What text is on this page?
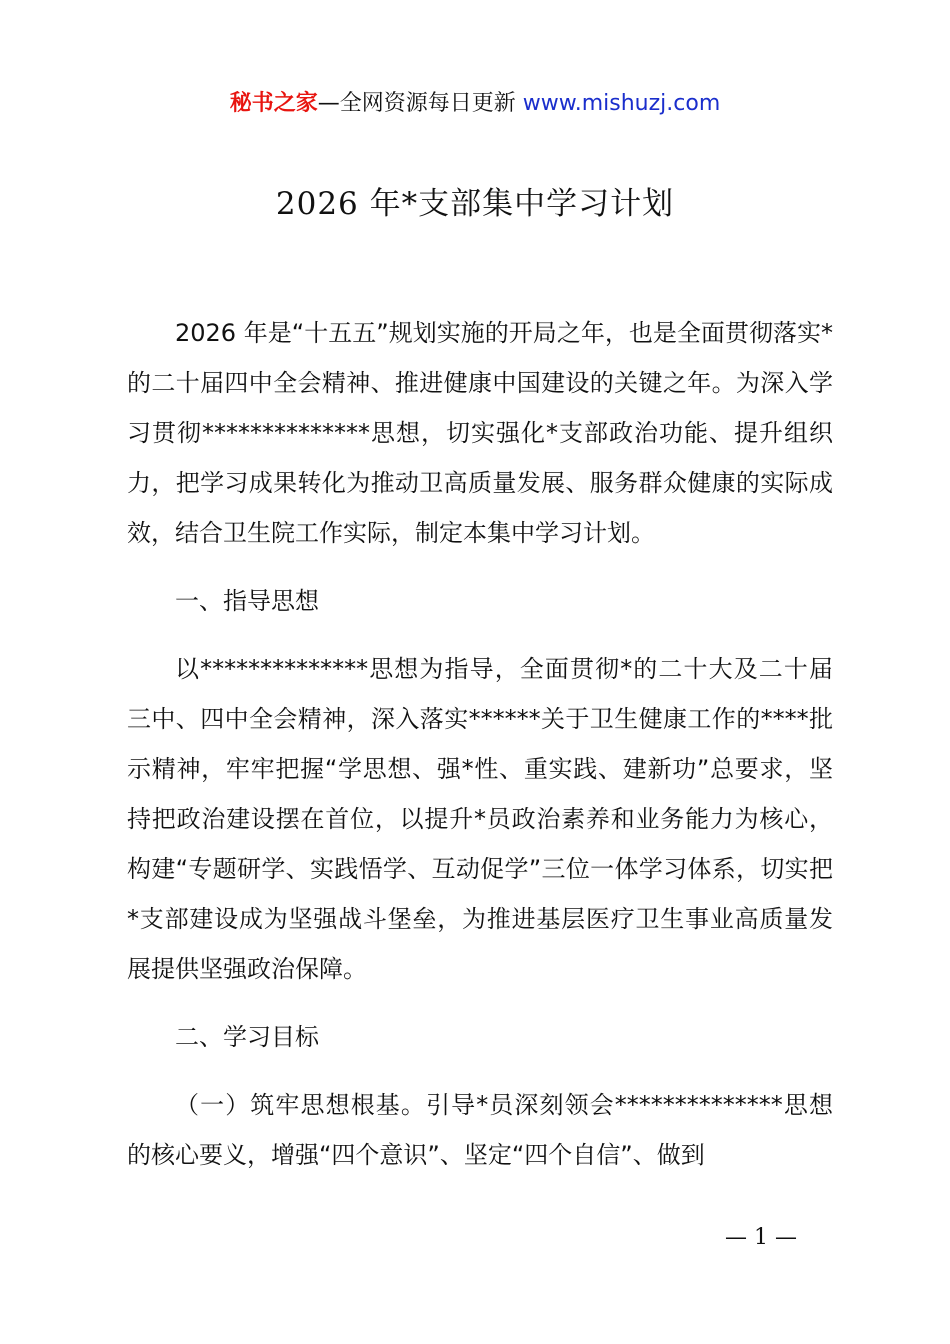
秘书之家—全网资源每日更新 www.mishuzj.com
2026 年*支部集中学习计划

2026 年是“十五五”规划实施的开局之年，也是全面贯彻落实*的二十届四中全会精神、推进健康中国建设的关键之年。为深入学习贯彻**************思想，切实强化*支部政治功能、提升组织力，把学习成果转化为推动卫高质量发展、服务群众健康的实际成效，结合卫生院工作实际，制定本集中学习计划。

一、指导思想

以**************思想为指导，全面贯彻*的二十大及二十届三中、四中全会精神，深入落实******关于卫生健康工作的****批示精神，牢牢把握“学思想、强*性、重实践、建新功”总要求，坚持把政治建设摆在首位，以提升*员政治素养和业务能力为核心，构建“专题研学、实践悟学、互动促学”三位一体学习体系，切实把*支部建设成为坚强战斗堡垒，为推进基层医疗卫生事业高质量发展提供坚强政治保障。

二、学习目标

（一）筑牢思想根基。引导*员深刻领会**************思想的核心要义，增强“四个意识”、坚定“四个自信”、做到

— 1 —
